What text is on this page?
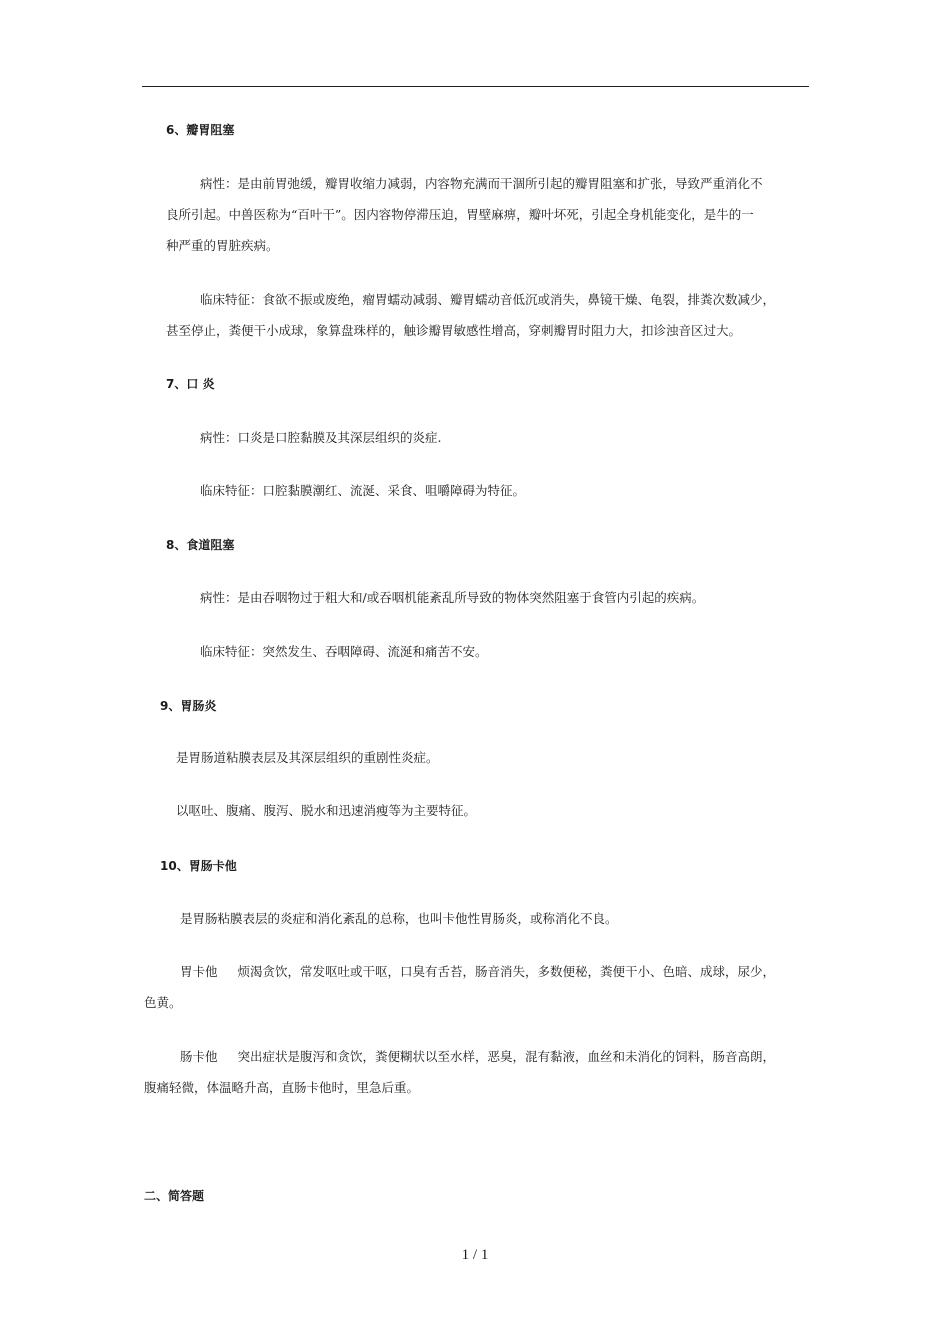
6、瓣胃阻塞
病性：是由前胃弛缓，瓣胃收缩力减弱，内容物充满而干涸所引起的瓣胃阻塞和扩张，导致严重消化不
良所引起。中兽医称为“百叶干”。因内容物停滞压迫，胃壁麻痹，瓣叶坏死，引起全身机能变化，是牛的一
种严重的胃脏疾病。
临床特征：食欲不振或废绝，瘤胃蠕动减弱、瓣胃蠕动音低沉或消失，鼻镜干燥、龟裂，排粪次数减少，
甚至停止，粪便干小成球，象算盘珠样的，触诊瓣胃敏感性增高，穿刺瓣胃时阻力大，扣诊浊音区过大。
7、口 炎
病性：口炎是口腔黏膜及其深层组织的炎症.
临床特征：口腔黏膜潮红、流涎、采食、咀嚼障碍为特征。
8、食道阻塞
病性：是由吞咽物过于粗大和/或吞咽机能紊乱所导致的物体突然阻塞于食管内引起的疾病。
临床特征：突然发生、吞咽障碍、流涎和痛苦不安。
9、胃肠炎
是胃肠道粘膜表层及其深层组织的重剧性炎症。
以呕吐、腹痛、腹泻、脱水和迅速消瘦等为主要特征。
10、胃肠卡他
是胃肠粘膜表层的炎症和消化紊乱的总称，也叫卡他性胃肠炎，或称消化不良。
胃卡他 烦渴贪饮，常发呕吐或干呕，口臭有舌苔，肠音消失，多数便秘，粪便干小、色暗、成球，尿少，
色黄。
肠卡他 突出症状是腹泻和贪饮，粪便糊状以至水样，恶臭，混有黏液，血丝和未消化的饲料，肠音高朗，
腹痛轻微，体温略升高，直肠卡他时，里急后重。
二、简答题
1 / 1
